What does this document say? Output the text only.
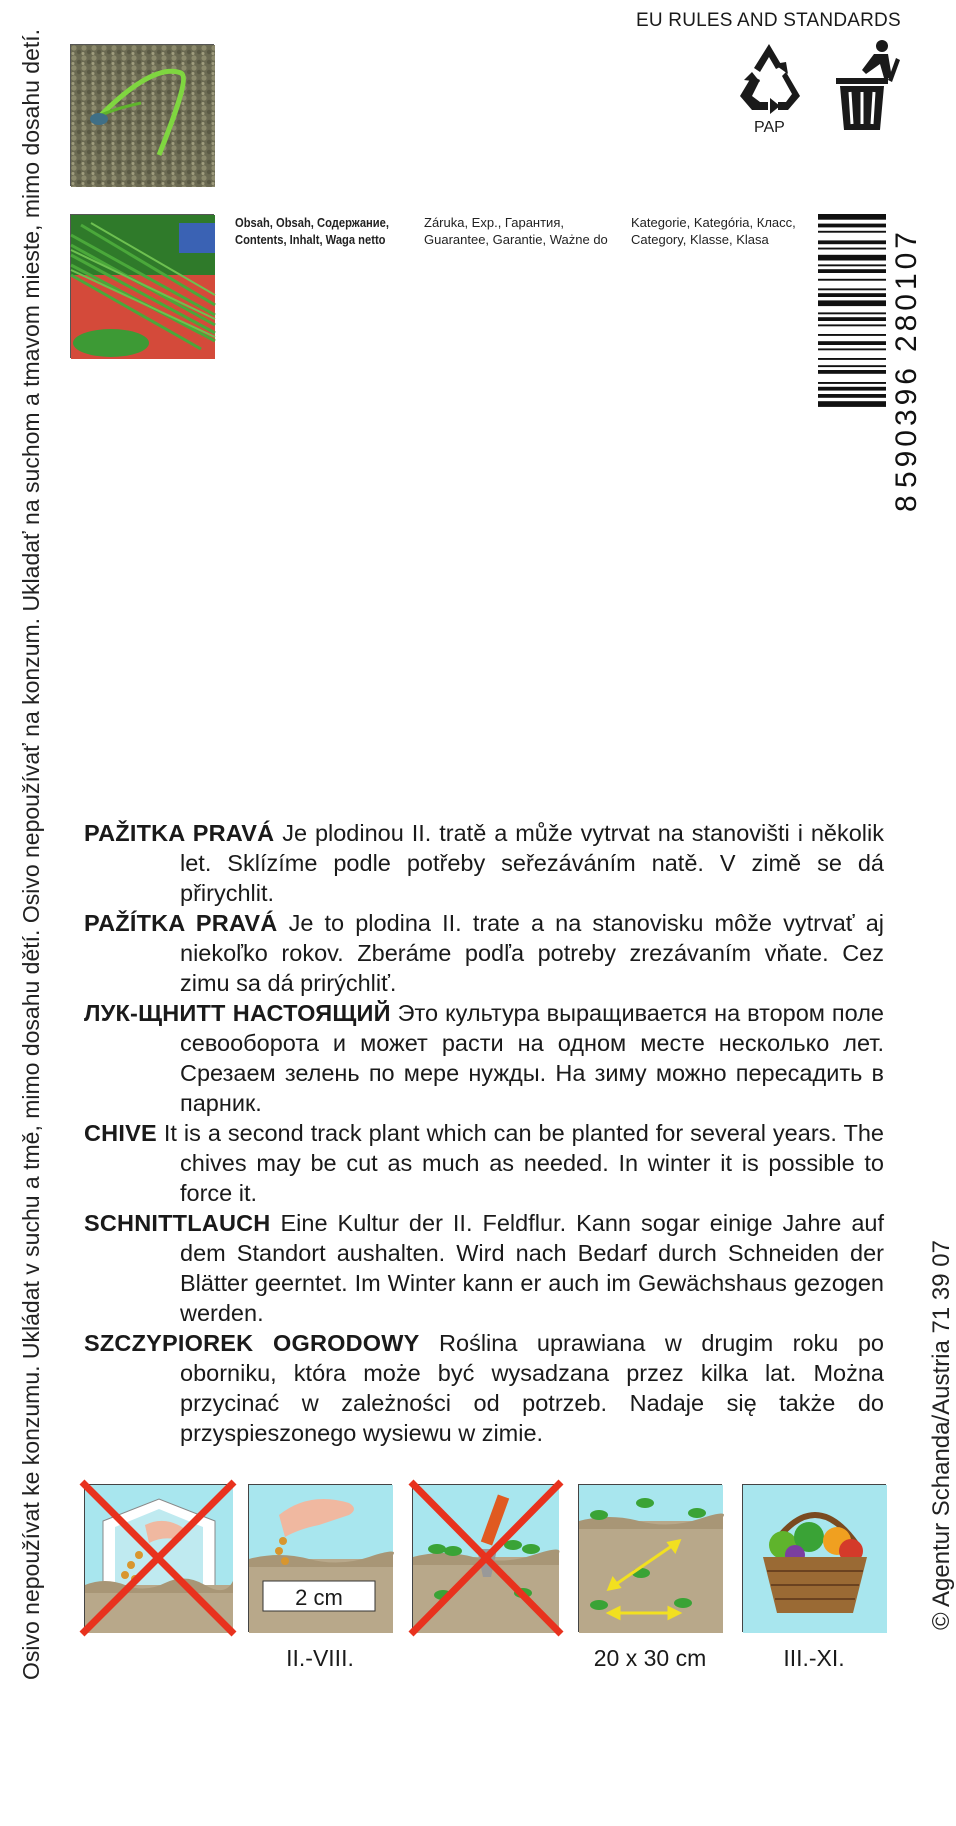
Osivo nepoužívat ke konzumu. Ukládat v suchu a tmě, mimo dosahu dětí. Osivo nepoužívať na konzum. Ukladať na suchom a tmavom mieste, mimo dosahu detí.
EU RULES AND STANDARDS
PAP
Obsah, Obsah, Содержание,
Contents, Inhalt, Waga netto
Záruka, Exp., Гарантия,
Guarantee, Garantie, Ważne do
Kategorie, Kategória, Класс,
Category, Klasse, Klasa
8
590396
280107

PAŽITKA PRAVÁ Je plodinou II. tratě a může vytrvat na stanovišti i několik let. Sklízíme podle potřeby seřezáváním natě. V zimě se dá přirychlit.

PAŽÍTKA PRAVÁ Je to plodina II. trate a na stanovisku môže vytrvať aj niekoľko rokov. Zberáme podľa potreby zrezávaním vňate. Cez zimu sa dá prirýchliť.

ЛУК-ЩНИТТ НАСТОЯЩИЙ Это культура выращивается на втором поле севооборота и может расти на одном месте несколько лет. Срезаем зелень по мере нужды. На зиму можно пересадить в парник.

CHIVE It is a second track plant which can be planted for several years. The chives may be cut as much as needed. In winter it is possible to force it.

SCHNITTLAUCH Eine Kultur der II. Feldflur. Kann sogar einige Jahre auf dem Standort aushalten. Wird nach Bedarf durch Schneiden der Blätter geerntet. Im Winter kann er auch im Gewächshaus gezogen werden.

SZCZYPIOREK OGRODOWY Roślina uprawiana w drugim roku po oborniku, która może być wysadzana przez kilka lat. Można przycinać w zależności od potrzeb. Nadaje się także do przyspieszonego wysiewu w zimie.

2 cm
II.-VIII.	20 x 30 cm	III.-XI.
© Agentur Schanda/Austria 71 39 07
